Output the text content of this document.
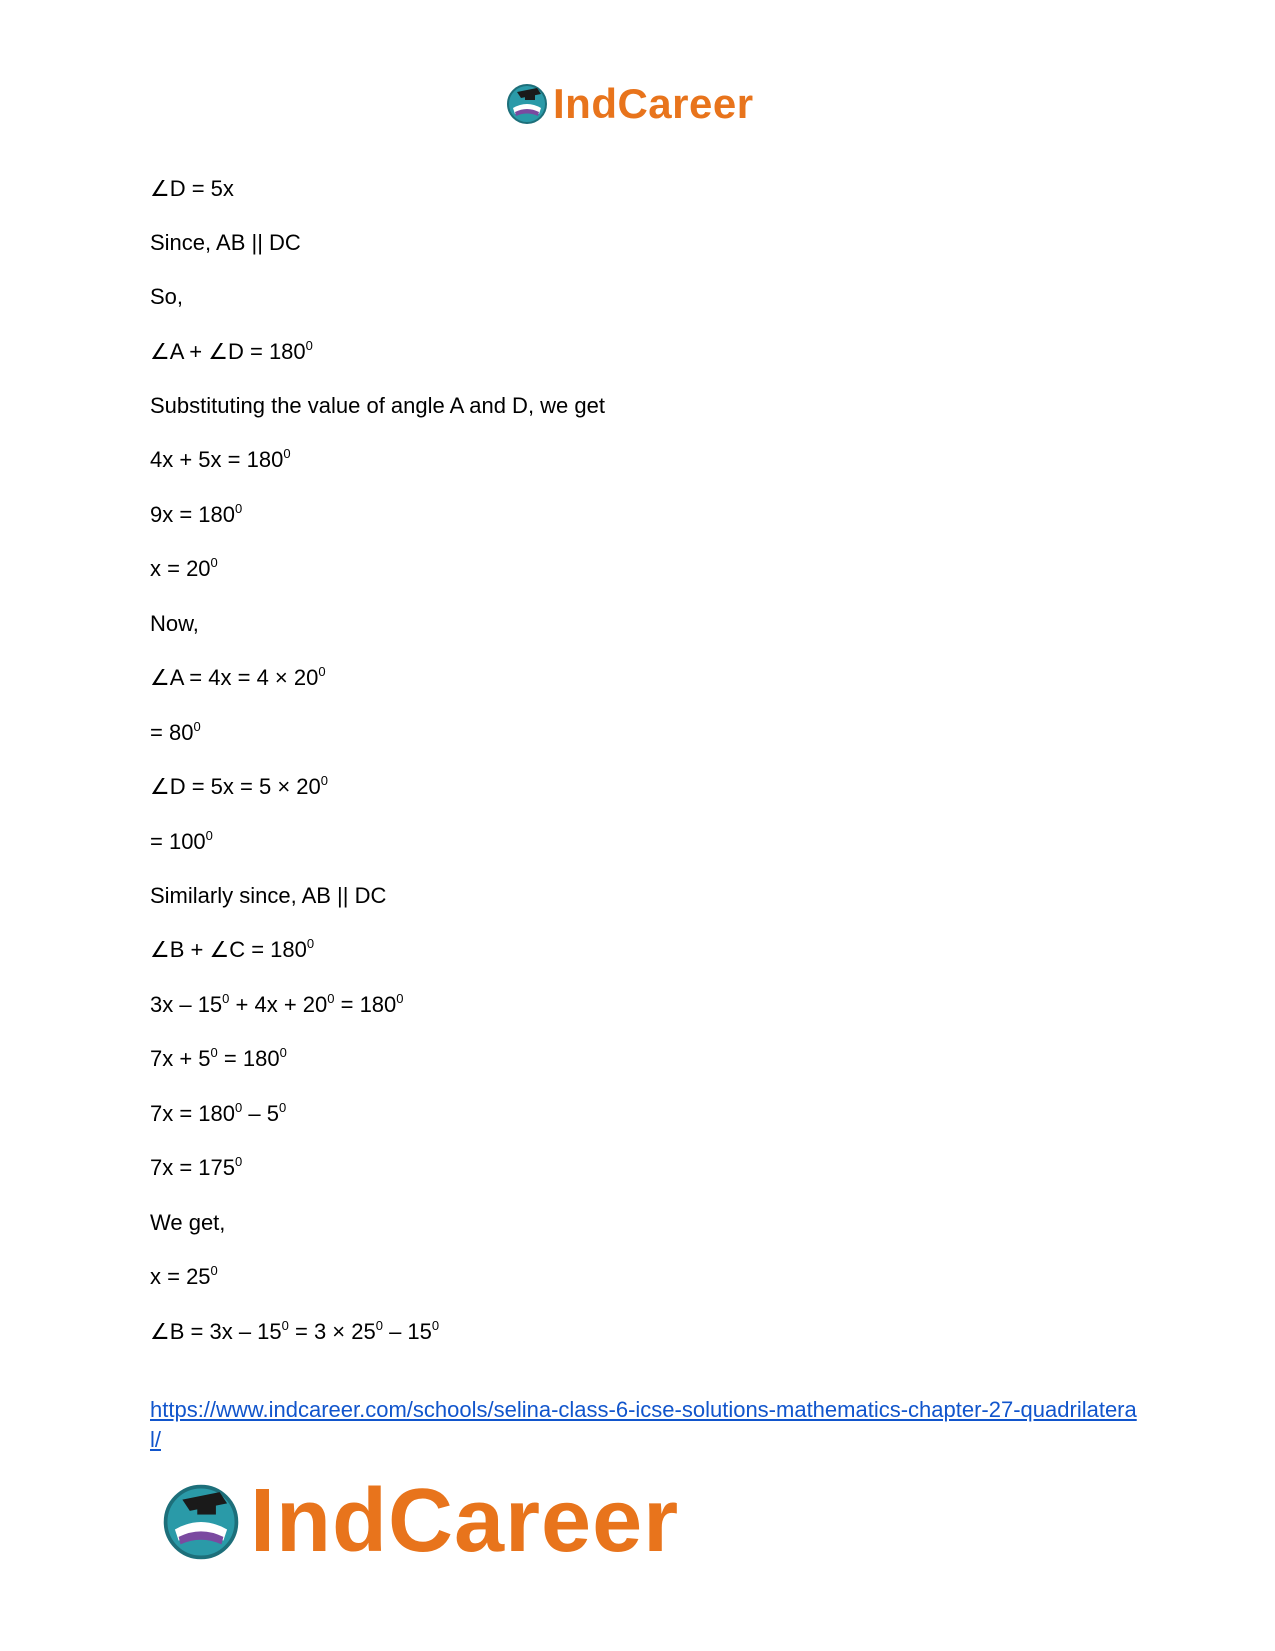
IndCareer
∠D = 5x
Since, AB || DC
So,
∠A + ∠D = $180^0$
Substituting the value of angle A and D, we get
$4x + 5x = 180^0$
$9x = 180^0$
$x = 20^0$
Now,
∠A = $4x = 4 \times 20^0$
= $80^0$
∠D = $5x = 5 \times 20^0$
= $100^0$
Similarly since, AB || DC
∠B + ∠C = $180^0$
$3x - 15^0 + 4x + 20^0 = 180^0$
$7x + 5^0 = 180^0$
$7x = 180^0 - 5^0$
$7x = 175^0$
We get,
$x = 25^0$
∠B = $3x - 15^0 = 3 \times 25^0 - 15^0$
https://www.indcareer.com/schools/selina-class-6-icse-solutions-mathematics-chapter-27-quadrilateral/
IndCareer
